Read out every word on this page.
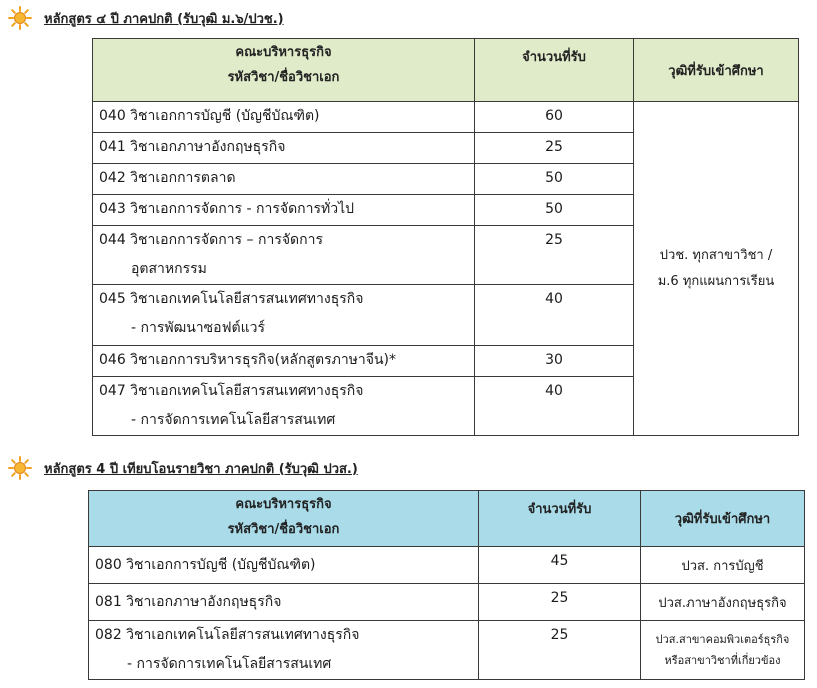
หลักสูตร ๔ ปี ภาคปกติ (รับวุฒิ ม.๖/ปวช.)
คณะบริหารธุรกิจ
รหัสวิชา/ชื่อวิชาเอก	จำนวนที่รับ	วุฒิที่รับเข้าศึกษา

040 วิชาเอกการบัญชี (บัญชีบัณฑิต)	60	ปวช. ทุกสาขาวิชา /
ม.6 ทุกแผนการเรียน

041 วิชาเอกภาษาอังกฤษธุรกิจ	25	

042 วิชาเอกการตลาด	50	

043 วิชาเอกการจัดการ - การจัดการทั่วไป	50	

044 วิชาเอกการจัดการ – การจัดการ
อุตสาหกรรม	25	

045 วิชาเอกเทคโนโลยีสารสนเทศทางธุรกิจ
- การพัฒนาซอฟต์แวร์	40	

046 วิชาเอกการบริหารธุรกิจ(หลักสูตรภาษาจีน)*	30	

047 วิชาเอกเทคโนโลยีสารสนเทศทางธุรกิจ
- การจัดการเทคโนโลยีสารสนเทศ	40	
หลักสูตร 4 ปี เทียบโอนรายวิชา ภาคปกติ (รับวุฒิ ปวส.)
คณะบริหารธุรกิจ
รหัสวิชา/ชื่อวิชาเอก	จำนวนที่รับ	วุฒิที่รับเข้าศึกษา

080 วิชาเอกการบัญชี (บัญชีบัณฑิต)	45	ปวส. การบัญชี

081 วิชาเอกภาษาอังกฤษธุรกิจ	25	ปวส.ภาษาอังกฤษธุรกิจ

082 วิชาเอกเทคโนโลยีสารสนเทศทางธุรกิจ
- การจัดการเทคโนโลยีสารสนเทศ	25	ปวส.สาขาคอมพิวเตอร์ธุรกิจ
หรือสาขาวิชาที่เกี่ยวข้อง
